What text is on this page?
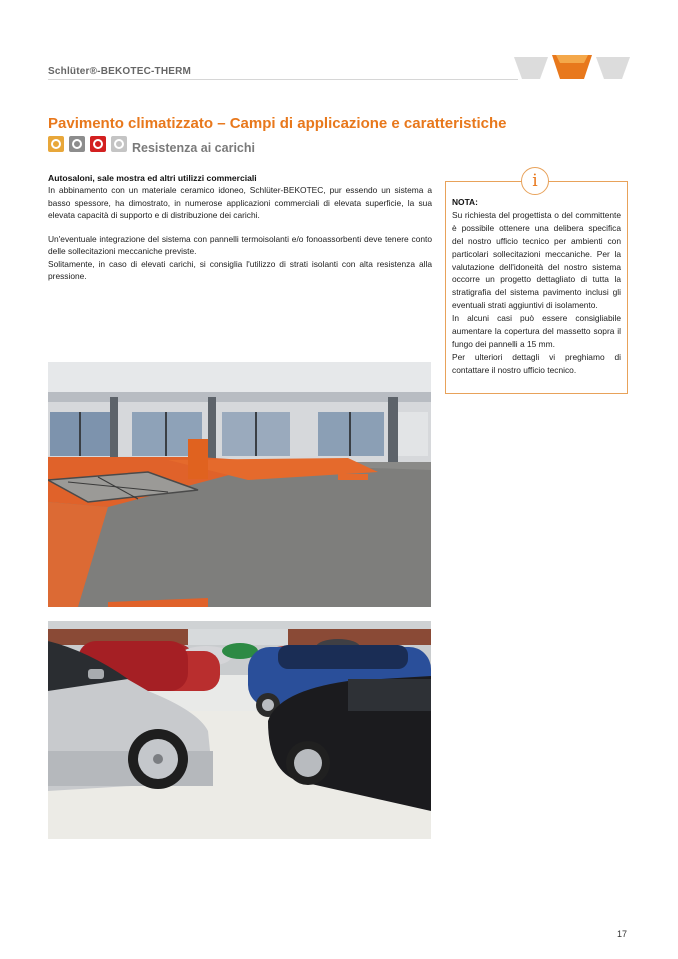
Schlüter®-BEKOTEC-THERM
Pavimento climatizzato – Campi di applicazione e caratteristiche
Resistenza ai carichi
Autosaloni, sale mostra ed altri utilizzi commerciali

In abbinamento con un materiale ceramico idoneo, Schlüter-BEKOTEC, pur essendo un sistema a basso spessore, ha dimostrato, in numerose applicazioni commerciali di elevata superficie, la sua elevata capacità di supporto e di distribuzione dei carichi.

Un'eventuale integrazione del sistema con pannelli termoisolanti e/o fonoassorbenti deve tenere conto delle sollecitazioni meccaniche previste.

Solitamente, in caso di elevati carichi, si consiglia l'utilizzo di strati isolanti con alta resistenza alla pressione.

NOTA:

Su richiesta del progettista o del committente è possibile ottenere una delibera specifica del nostro ufficio tecnico per ambienti con particolari sollecitazioni meccaniche. Per la valutazione dell'idoneità del nostro sistema occorre un progetto dettagliato di tutta la stratigrafia del sistema pavimento inclusi gli eventuali strati aggiuntivi di isolamento.

In alcuni casi può essere consigliabile aumentare la copertura del massetto sopra il fungo dei pannelli a 15 mm.

Per ulteriori dettagli vi preghiamo di contattare il nostro ufficio tecnico.

i
17
